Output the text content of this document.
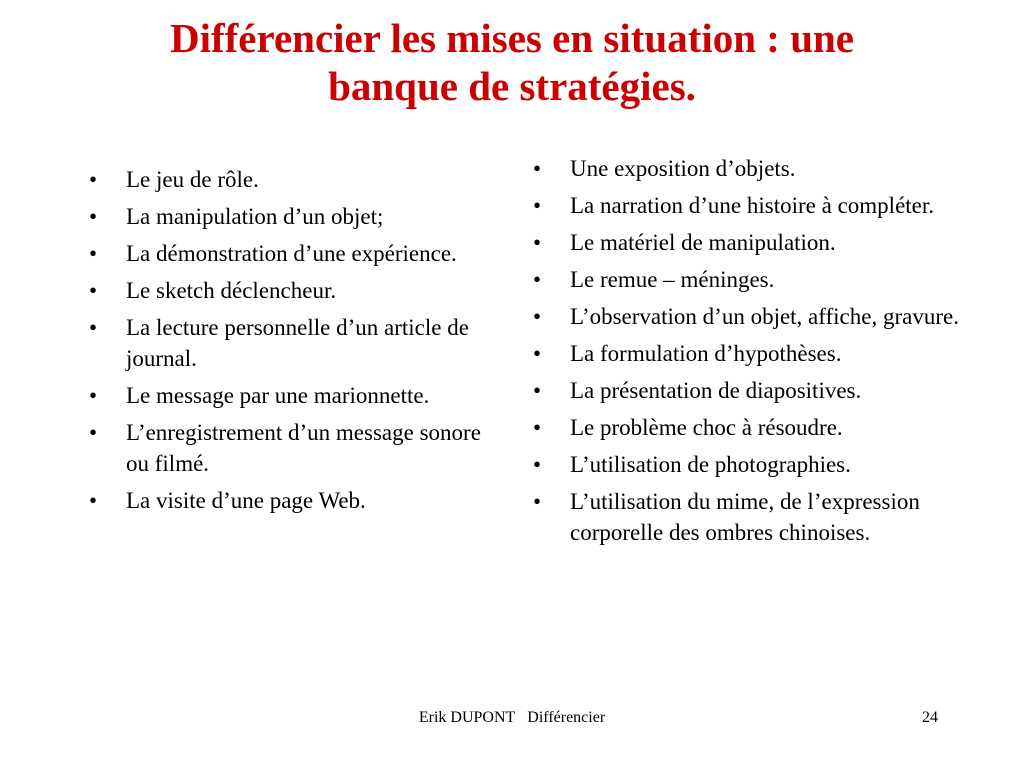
Différencier les mises en situation : une
banque de stratégies.
• Le jeu de rôle.
• La manipulation d’un objet;
• La démonstration d’une expérience.
• Le sketch déclencheur.
• La lecture personnelle d’un article de journal.
• Le message par une marionnette.
• L’enregistrement d’un message sonore ou filmé.
• La visite d’une page Web.
• Une exposition d’objets.
• La narration d’une histoire à compléter.
• Le matériel de manipulation.
• Le remue – méninges.
• L’observation d’un objet, affiche, gravure.
• La formulation d’hypothèses.
• La présentation de diapositives.
• Le problème choc à résoudre.
• L’utilisation de photographies.
• L’utilisation du mime, de l’expression corporelle des ombres chinoises.
Erik DUPONT Différencier	24
